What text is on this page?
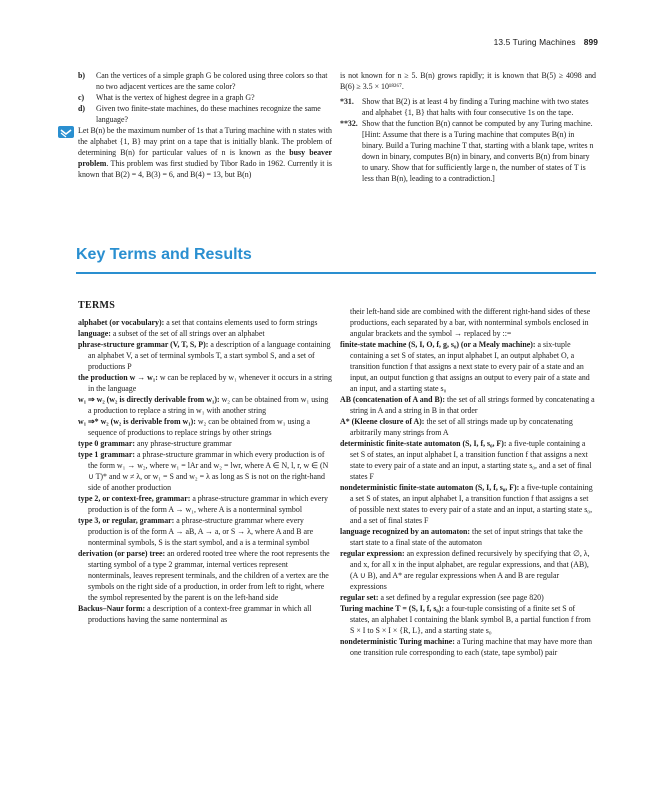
13.5 Turing Machines 899

b) Can the vertices of a simple graph G be colored using three colors so that no two adjacent vertices are the same color?

c) What is the vertex of highest degree in a graph G?

d) Given two finite-state machines, do these machines recognize the same language?

Let B(n) be the maximum number of 1s that a Turing machine with n states with the alphabet {1, B} may print on a tape that is initially blank. The problem of determining B(n) for particular values of n is known as the busy beaver problem. This problem was first studied by Tibor Rado in 1962. Currently it is known that B(2) = 4, B(3) = 6, and B(4) = 13, but B(n)

is not known for n ≥ 5. B(n) grows rapidly; it is known that B(5) ≥ 4098 and B(6) ≥ 3.5 × 10¹⁸²⁶⁷.

*31. Show that B(2) is at least 4 by finding a Turing machine with two states and alphabet {1, B} that halts with four consecutive 1s on the tape.

**32. Show that the function B(n) cannot be computed by any Turing machine. [Hint: Assume that there is a Turing machine that computes B(n) in binary. Build a Turing machine T that, starting with a blank tape, writes n down in binary, computes B(n) in binary, and converts B(n) from binary to unary. Show that for sufficiently large n, the number of states of T is less than B(n), leading to a contradiction.]

Key Terms and Results
TERMS

alphabet (or vocabulary): a set that contains elements used to form strings

language: a subset of the set of all strings over an alphabet

phrase-structure grammar (V, T, S, P): a description of a language containing an alphabet V, a set of terminal symbols T, a start symbol S, and a set of productions P

the production w → w₁: w can be replaced by w₁ whenever it occurs in a string in the language

w₁ ⇒ w₂ (w₂ is directly derivable from w₁): w₂ can be obtained from w₁ using a production to replace a string in w₁ with another string

w₁ ⇒* w₂ (w₂ is derivable from w₁): w₂ can be obtained from w₁ using a sequence of productions to replace strings by other strings

type 0 grammar: any phrase-structure grammar

type 1 grammar: a phrase-structure grammar in which every production is of the form w₁ → w₂, where w₁ = lAr and w₂ = lwr, where A ∈ N, l, r, w ∈ (N ∪ T)* and w ≠ λ, or w₁ = S and w₂ = λ as long as S is not on the right-hand side of another production

type 2, or context-free, grammar: a phrase-structure grammar in which every production is of the form A → w₁, where A is a nonterminal symbol

type 3, or regular, grammar: a phrase-structure grammar where every production is of the form A → aB, A → a, or S → λ, where A and B are nonterminal symbols, S is the start symbol, and a is a terminal symbol

derivation (or parse) tree: an ordered rooted tree where the root represents the starting symbol of a type 2 grammar, internal vertices represent nonterminals, leaves represent terminals, and the children of a vertex are the symbols on the right side of a production, in order from left to right, where the symbol represented by the parent is on the left-hand side

Backus–Naur form: a description of a context-free grammar in which all productions having the same nonterminal as

their left-hand side are combined with the different right-hand sides of these productions, each separated by a bar, with nonterminal symbols enclosed in angular brackets and the symbol → replaced by ::=

finite-state machine (S, I, O, f, g, s₀) (or a Mealy machine): a six-tuple containing a set S of states, an input alphabet I, an output alphabet O, a transition function f that assigns a next state to every pair of a state and an input, an output function g that assigns an output to every pair of a state and an input, and a starting state s₀

AB (concatenation of A and B): the set of all strings formed by concatenating a string in A and a string in B in that order

A* (Kleene closure of A): the set of all strings made up by concatenating arbitrarily many strings from A

deterministic finite-state automaton (S, I, f, s₀, F): a five-tuple containing a set S of states, an input alphabet I, a transition function f that assigns a next state to every pair of a state and an input, a starting state s₀, and a set of final states F

nondeterministic finite-state automaton (S, I, f, s₀, F): a five-tuple containing a set S of states, an input alphabet I, a transition function f that assigns a set of possible next states to every pair of a state and an input, a starting state s₀, and a set of final states F

language recognized by an automaton: the set of input strings that take the start state to a final state of the automaton

regular expression: an expression defined recursively by specifying that ∅, λ, and x, for all x in the input alphabet, are regular expressions, and that (AB), (A ∪ B), and A* are regular expressions when A and B are regular expressions

regular set: a set defined by a regular expression (see page 820)

Turing machine T = (S, I, f, s₀): a four-tuple consisting of a finite set S of states, an alphabet I containing the blank symbol B, a partial function f from S × I to S × I × {R, L}, and a starting state s₀

nondeterministic Turing machine: a Turing machine that may have more than one transition rule corresponding to each (state, tape symbol) pair
